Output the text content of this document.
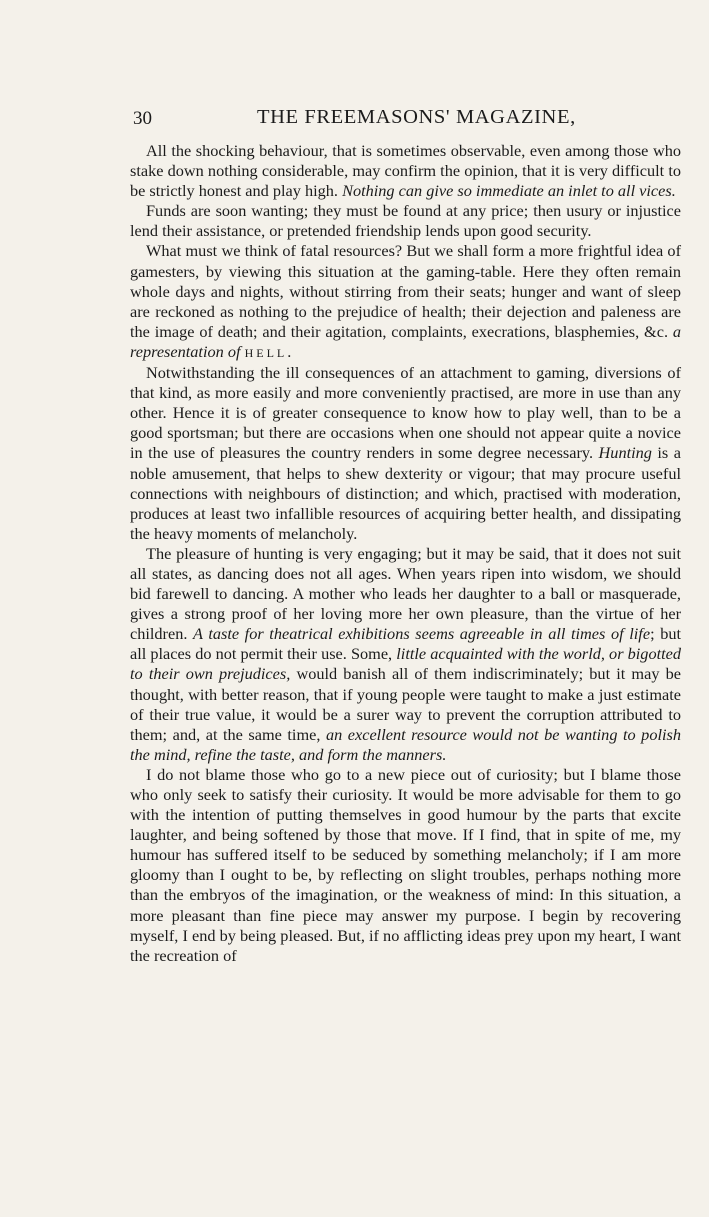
30	THE FREEMASONS' MAGAZINE,

All the shocking behaviour, that is sometimes observable, even among those who stake down nothing considerable, may confirm the opinion, that it is very difficult to be strictly honest and play high. Nothing can give so immediate an inlet to all vices.

Funds are soon wanting; they must be found at any price; then usury or injustice lend their assistance, or pretended friendship lends upon good security.

What must we think of fatal resources? But we shall form a more frightful idea of gamesters, by viewing this situation at the gaming-table. Here they often remain whole days and nights, without stirring from their seats; hunger and want of sleep are reckoned as nothing to the prejudice of health; their dejection and paleness are the image of death; and their agitation, complaints, execrations, blasphemies, &c. a representation of HELL.

Notwithstanding the ill consequences of an attachment to gaming, diversions of that kind, as more easily and more conveniently practised, are more in use than any other. Hence it is of greater consequence to know how to play well, than to be a good sportsman; but there are occasions when one should not appear quite a novice in the use of pleasures the country renders in some degree necessary. Hunting is a noble amusement, that helps to shew dexterity or vigour; that may procure useful connections with neighbours of distinction; and which, practised with moderation, produces at least two infallible resources of acquiring better health, and dissipating the heavy moments of melancholy.

The pleasure of hunting is very engaging; but it may be said, that it does not suit all states, as dancing does not all ages. When years ripen into wisdom, we should bid farewell to dancing. A mother who leads her daughter to a ball or masquerade, gives a strong proof of her loving more her own pleasure, than the virtue of her children. A taste for theatrical exhibitions seems agreeable in all times of life; but all places do not permit their use. Some, little acquainted with the world, or bigotted to their own prejudices, would banish all of them indiscriminately; but it may be thought, with better reason, that if young people were taught to make a just estimate of their true value, it would be a surer way to prevent the corruption attributed to them; and, at the same time, an excellent resource would not be wanting to polish the mind, refine the taste, and form the manners.

I do not blame those who go to a new piece out of curiosity; but I blame those who only seek to satisfy their curiosity. It would be more advisable for them to go with the intention of putting themselves in good humour by the parts that excite laughter, and being softened by those that move. If I find, that in spite of me, my humour has suffered itself to be seduced by something melancholy; if I am more gloomy than I ought to be, by reflecting on slight troubles, perhaps nothing more than the embryos of the imagination, or the weakness of mind: In this situation, a more pleasant than fine piece may answer my purpose. I begin by recovering myself, I end by being pleased. But, if no afflicting ideas prey upon my heart, I want the recreation of
